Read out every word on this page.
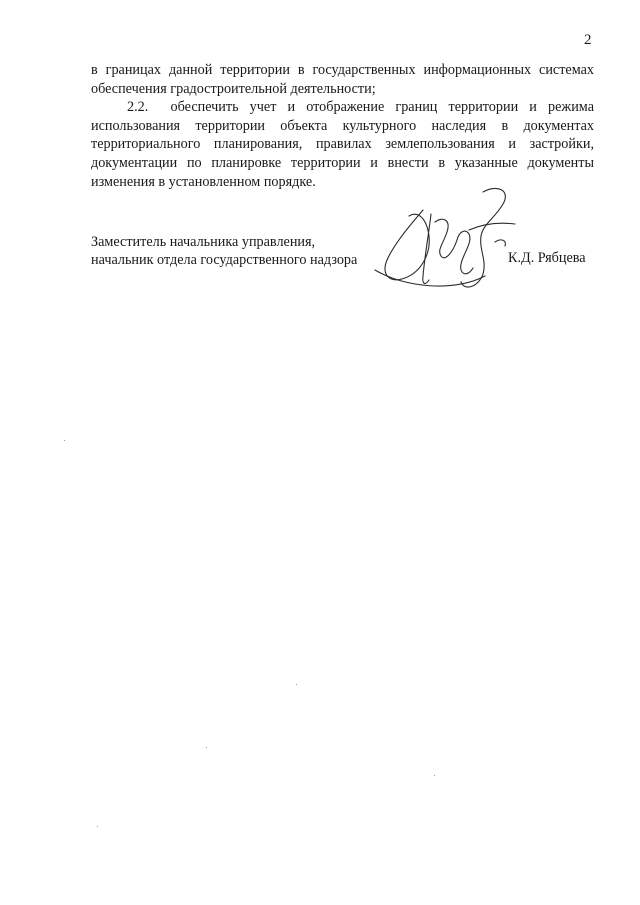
2

в границах данной территории в государственных информационных системах обеспечения градостроительной деятельности;

2.2.  обеспечить учет и отображение границ территории и режима использования территории объекта культурного наследия в документах территориального планирования, правилах землепользования и застройки, документации по планировке территории и внести в указанные документы изменения в установленном порядке.

Заместитель начальника управления,
начальник отдела государственного надзора	К.Д. Рябцева
